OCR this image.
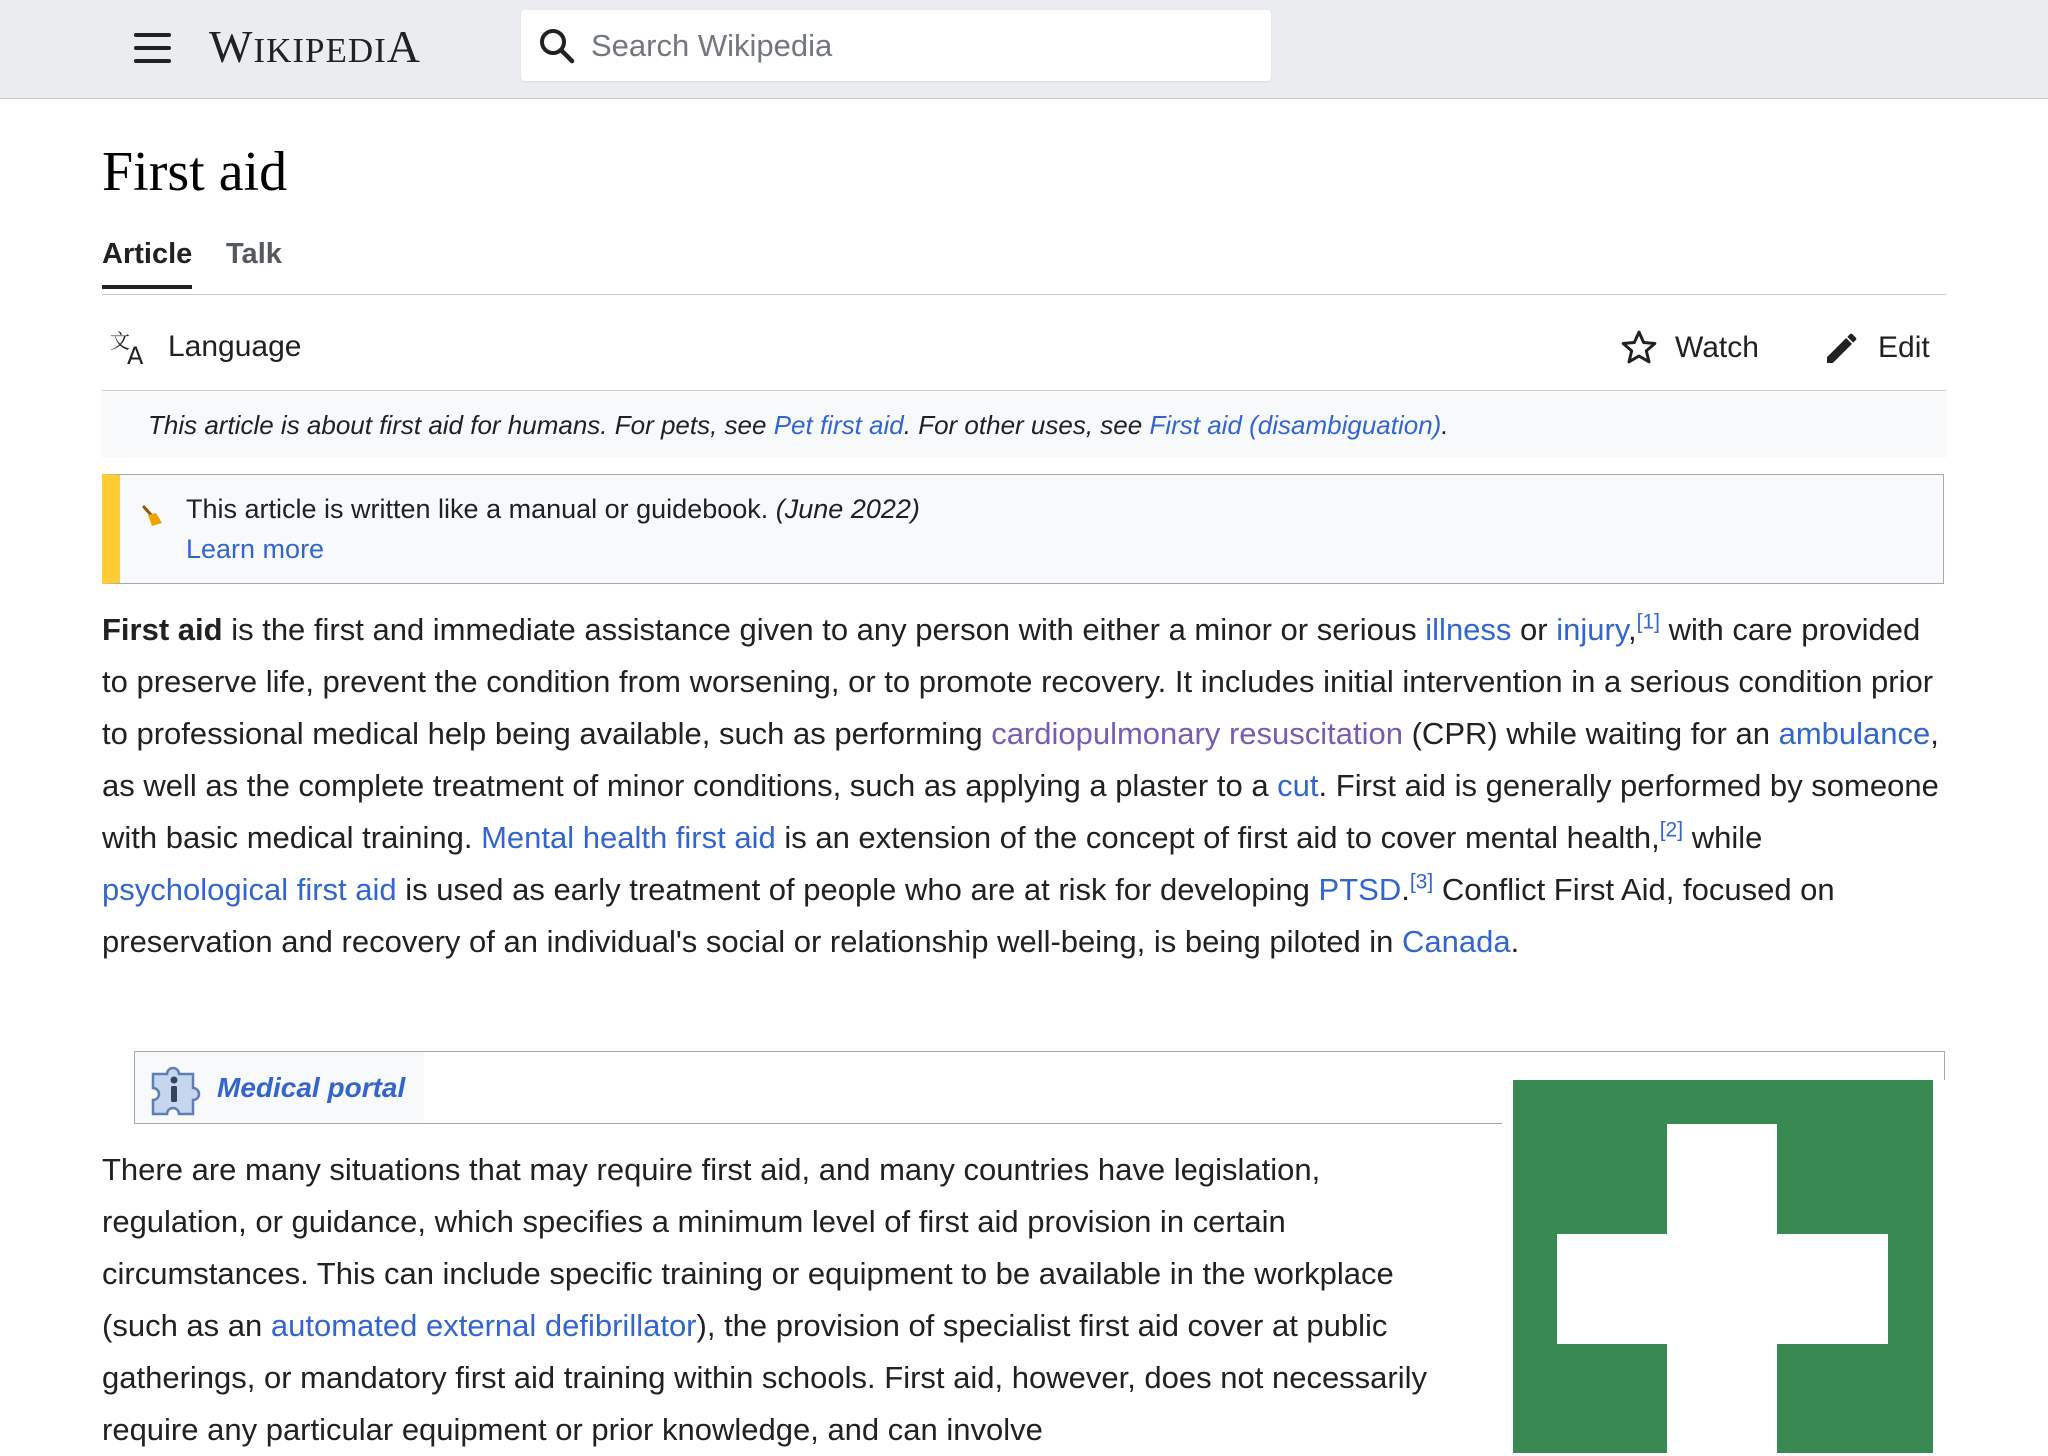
WIKIPEDIA
Search Wikipedia
First aid
Article Talk
文
A Language	Watch	Edit
This article is about first aid for humans. For pets, see Pet first aid. For other uses, see First aid (disambiguation).
This article is written like a manual or guidebook. (June 2022)
Learn more

First aid is the first and immediate assistance given to any person with either a minor or serious illness or injury,[1] with care provided to preserve life, prevent the condition from worsening, or to promote recovery. It includes initial intervention in a serious condition prior to professional medical help being available, such as performing cardiopulmonary resuscitation (CPR) while waiting for an ambulance, as well as the complete treatment of minor conditions, such as applying a plaster to a cut. First aid is generally performed by someone with basic medical training. Mental health first aid is an extension of the concept of first aid to cover mental health,[2] while psychological first aid is used as early treatment of people who are at risk for developing PTSD.[3] Conflict First Aid, focused on preservation and recovery of an individual's social or relationship well-being, is being piloted in Canada.

Medical portal

There are many situations that may require first aid, and many countries have legislation, regulation, or guidance, which specifies a minimum level of first aid provision in certain circumstances. This can include specific training or equipment to be available in the workplace (such as an automated external defibrillator), the provision of specialist first aid cover at public gatherings, or mandatory first aid training within schools. First aid, however, does not necessarily require any particular equipment or prior knowledge, and can involve
